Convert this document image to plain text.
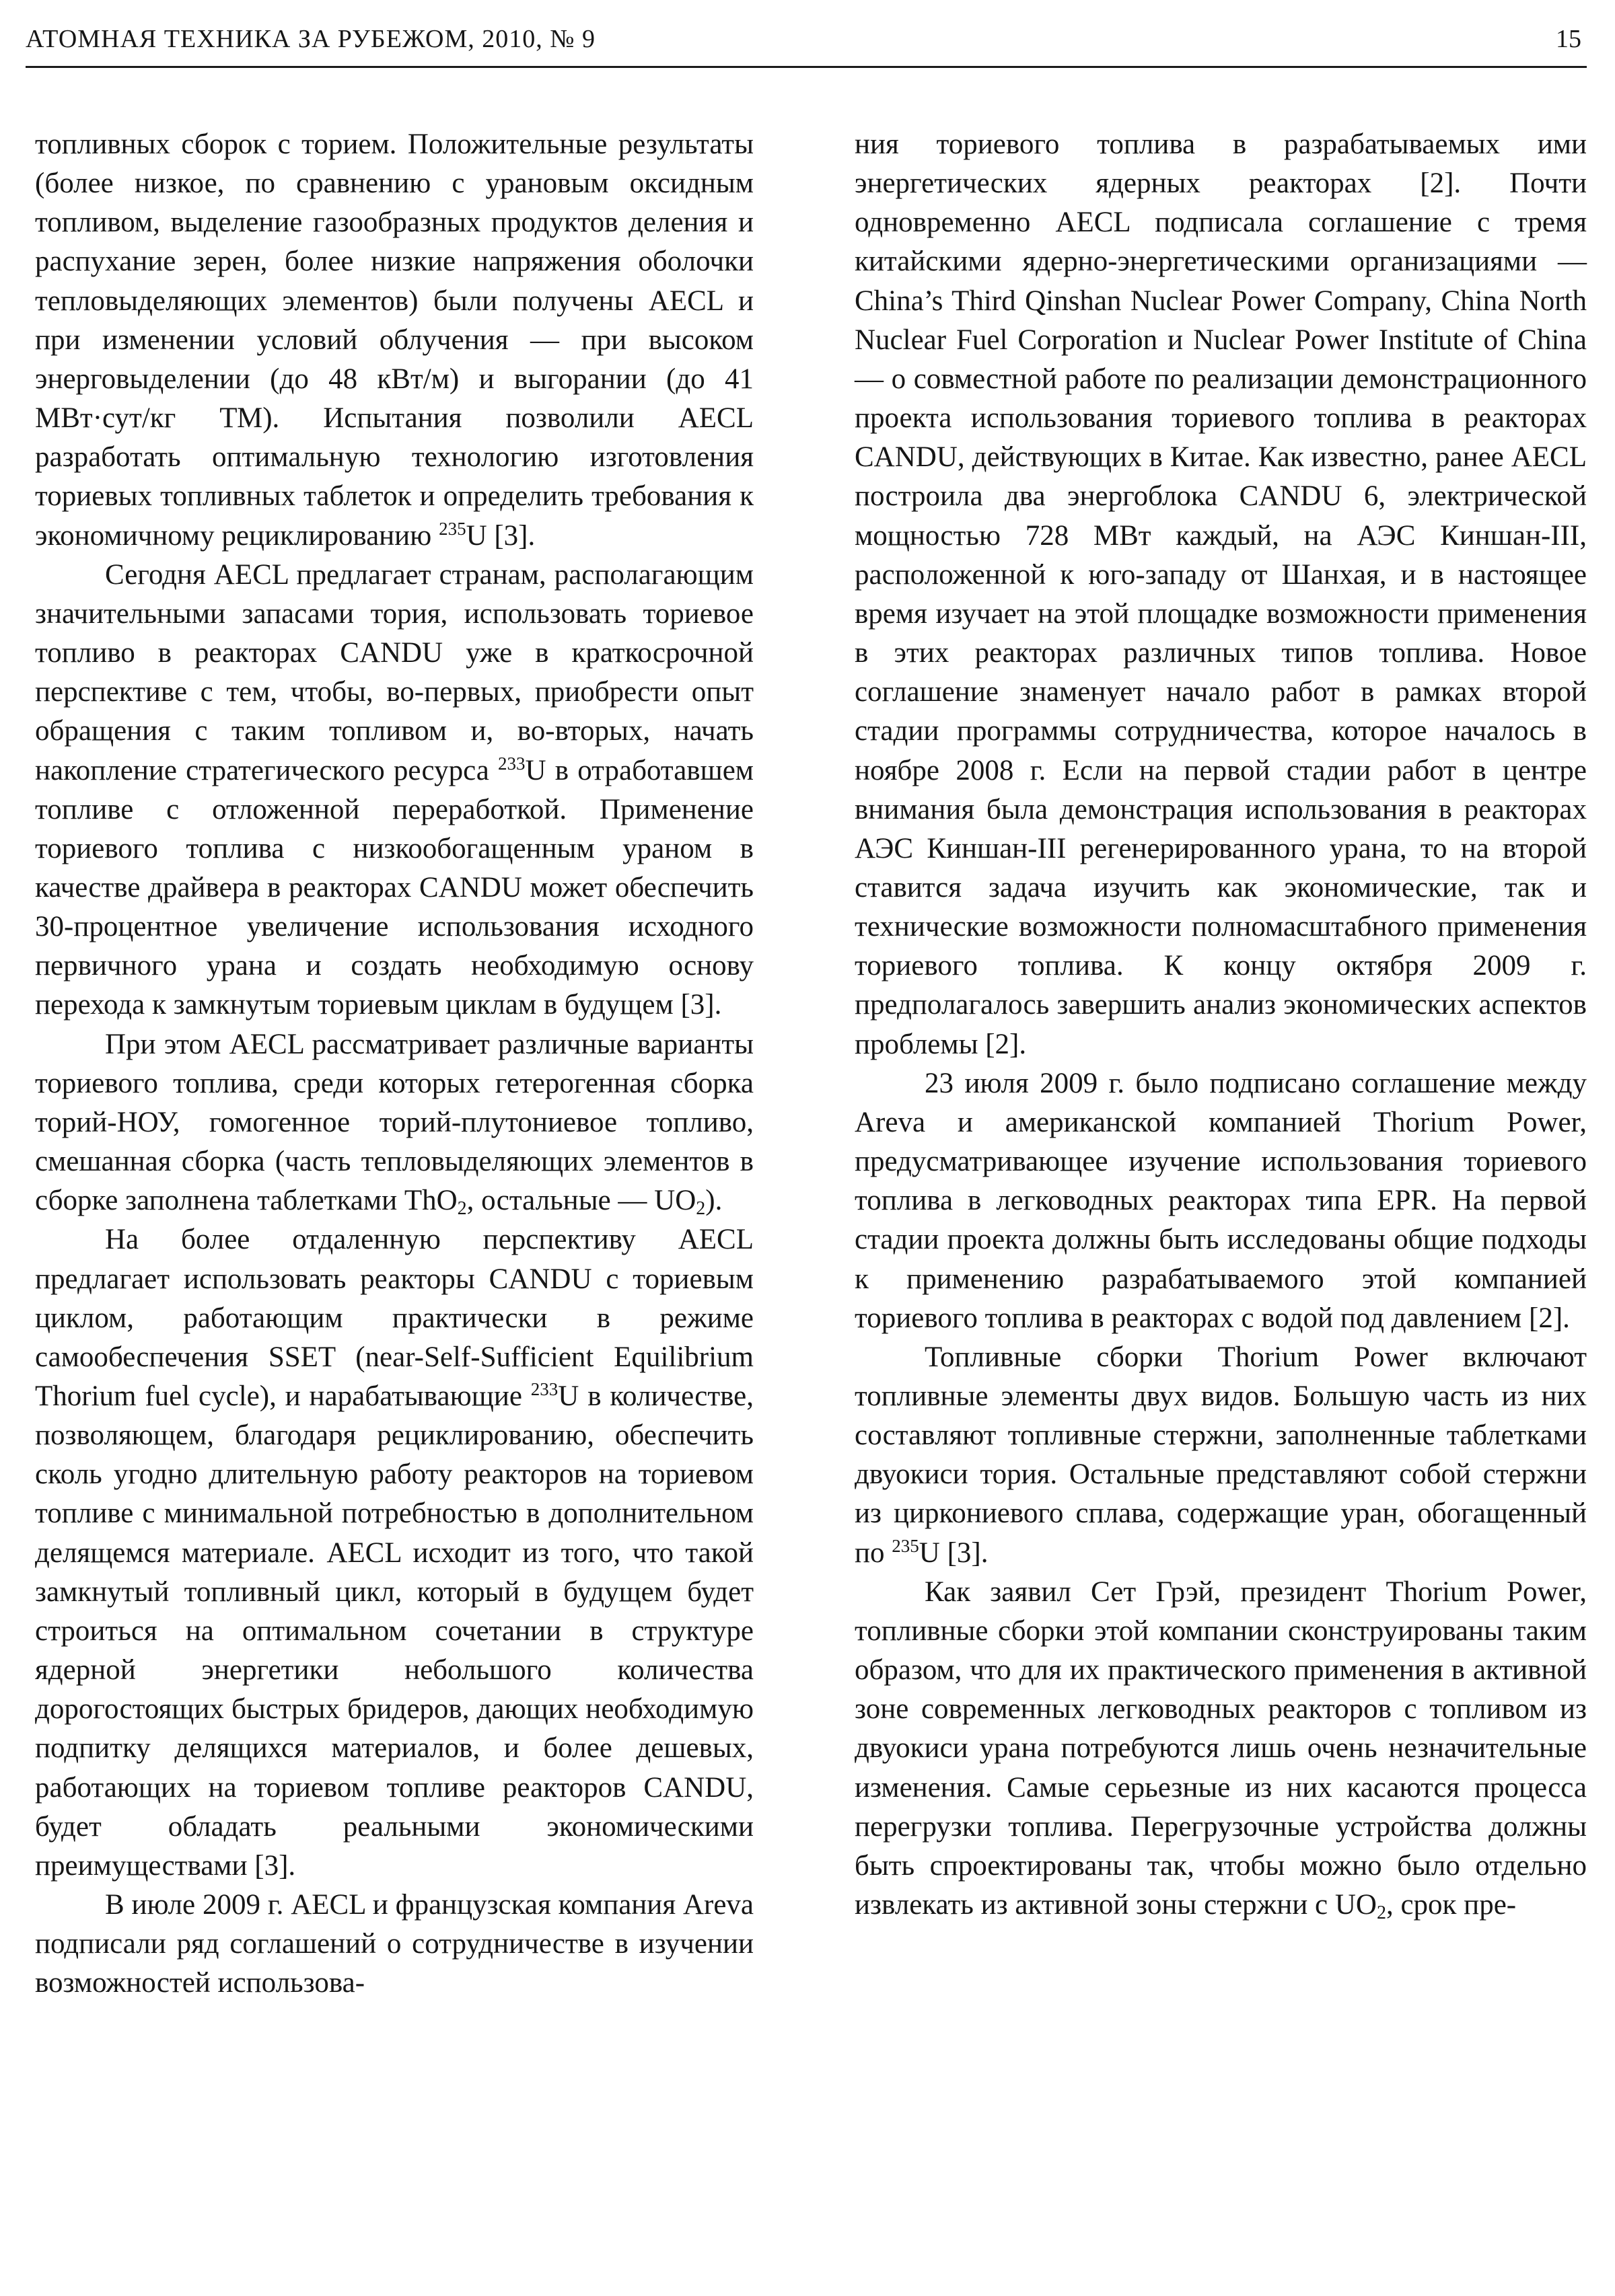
АТОМНАЯ ТЕХНИКА ЗА РУБЕЖОМ, 2010, № 9	15

топливных сборок с торием. Положительные результаты (более низкое, по сравнению с урановым оксидным топливом, выделение газообразных продуктов деления и распухание зерен, более низкие напряжения оболочки тепловыделяющих элементов) были получены AECL и при изменении условий облучения — при высоком энерговыделении (до 48 кВт/м) и выгорании (до 41 МВт·сут/кг ТМ). Испытания позволили AECL разработать оптимальную технологию изготовления ториевых топливных таблеток и определить требования к экономичному рециклированию $^{235}$U [3].

Сегодня AECL предлагает странам, располагающим значительными запасами тория, использовать ториевое топливо в реакторах CANDU уже в краткосрочной перспективе с тем, чтобы, во-первых, приобрести опыт обращения с таким топливом и, во-вторых, начать накопление стратегического ресурса $^{233}$U в отработавшем топливе с отложенной переработкой. Применение ториевого топлива с низкообогащенным ураном в качестве драйвера в реакторах CANDU может обеспечить 30-процентное увеличение использования исходного первичного урана и создать необходимую основу перехода к замкнутым ториевым циклам в будущем [3].

При этом AECL рассматривает различные варианты ториевого топлива, среди которых гетерогенная сборка торий-НОУ, гомогенное торий-плутониевое топливо, смешанная сборка (часть тепловыделяющих элементов в сборке заполнена таблетками ThO$_2$, остальные — $UO_2$).

На более отдаленную перспективу AECL предлагает использовать реакторы CANDU с ториевым циклом, работающим практически в режиме самообеспечения SSET (near-Self-Sufficient Equilibrium Thorium fuel cycle), и нарабатывающие $^{233}$U в количестве, позволяющем, благодаря рециклированию, обеспечить сколь угодно длительную работу реакторов на ториевом топливе с минимальной потребностью в дополнительном делящемся материале. AECL исходит из того, что такой замкнутый топливный цикл, который в будущем будет строиться на оптимальном сочетании в структуре ядерной энергетики небольшого количества дорогостоящих быстрых бридеров, дающих необходимую подпитку делящихся материалов, и более дешевых, работающих на ториевом топливе реакторов CANDU, будет обладать реальными экономическими преимуществами [3].

В июле 2009 г. AECL и французская компания Areva подписали ряд соглашений о сотрудничестве в изучении возможностей использова-

ния ториевого топлива в разрабатываемых ими энергетических ядерных реакторах [2]. Почти одновременно AECL подписала соглашение с тремя китайскими ядерно-энергетическими организациями — China’s Third Qinshan Nuclear Power Company, China North Nuclear Fuel Corporation и Nuclear Power Institute of China — о совместной работе по реализации демонстрационного проекта использования ториевого топлива в реакторах CANDU, действующих в Китае. Как известно, ранее AECL построила два энергоблока CANDU 6, электрической мощностью 728 МВт каждый, на АЭС Киншан-III, расположенной к юго-западу от Шанхая, и в настоящее время изучает на этой площадке возможности применения в этих реакторах различных типов топлива. Новое соглашение знаменует начало работ в рамках второй стадии программы сотрудничества, которое началось в ноябре 2008 г. Если на первой стадии работ в центре внимания была демонстрация использования в реакторах АЭС Киншан-III регенерированного урана, то на второй ставится задача изучить как экономические, так и технические возможности полномасштабного применения ториевого топлива. К концу октября 2009 г. предполагалось завершить анализ экономических аспектов проблемы [2].

23 июля 2009 г. было подписано соглашение между Areva и американской компанией Thorium Power, предусматривающее изучение использования ториевого топлива в легководных реакторах типа EPR. На первой стадии проекта должны быть исследованы общие подходы к применению разрабатываемого этой компанией ториевого топлива в реакторах с водой под давлением [2].

Топливные сборки Thorium Power включают топливные элементы двух видов. Большую часть из них составляют топливные стержни, заполненные таблетками двуокиси тория. Остальные представляют собой стержни из циркониевого сплава, содержащие уран, обогащенный по $^{235}$U [3].

Как заявил Сет Грэй, президент Thorium Power, топливные сборки этой компании сконструированы таким образом, что для их практического применения в активной зоне современных легководных реакторов с топливом из двуокиси урана потребуются лишь очень незначительные изменения. Самые серьезные из них касаются процесса перегрузки топлива. Перегрузочные устройства должны быть спроектированы так, чтобы можно было отдельно извлекать из активной зоны стержни с $UO_2$, срок пре-
